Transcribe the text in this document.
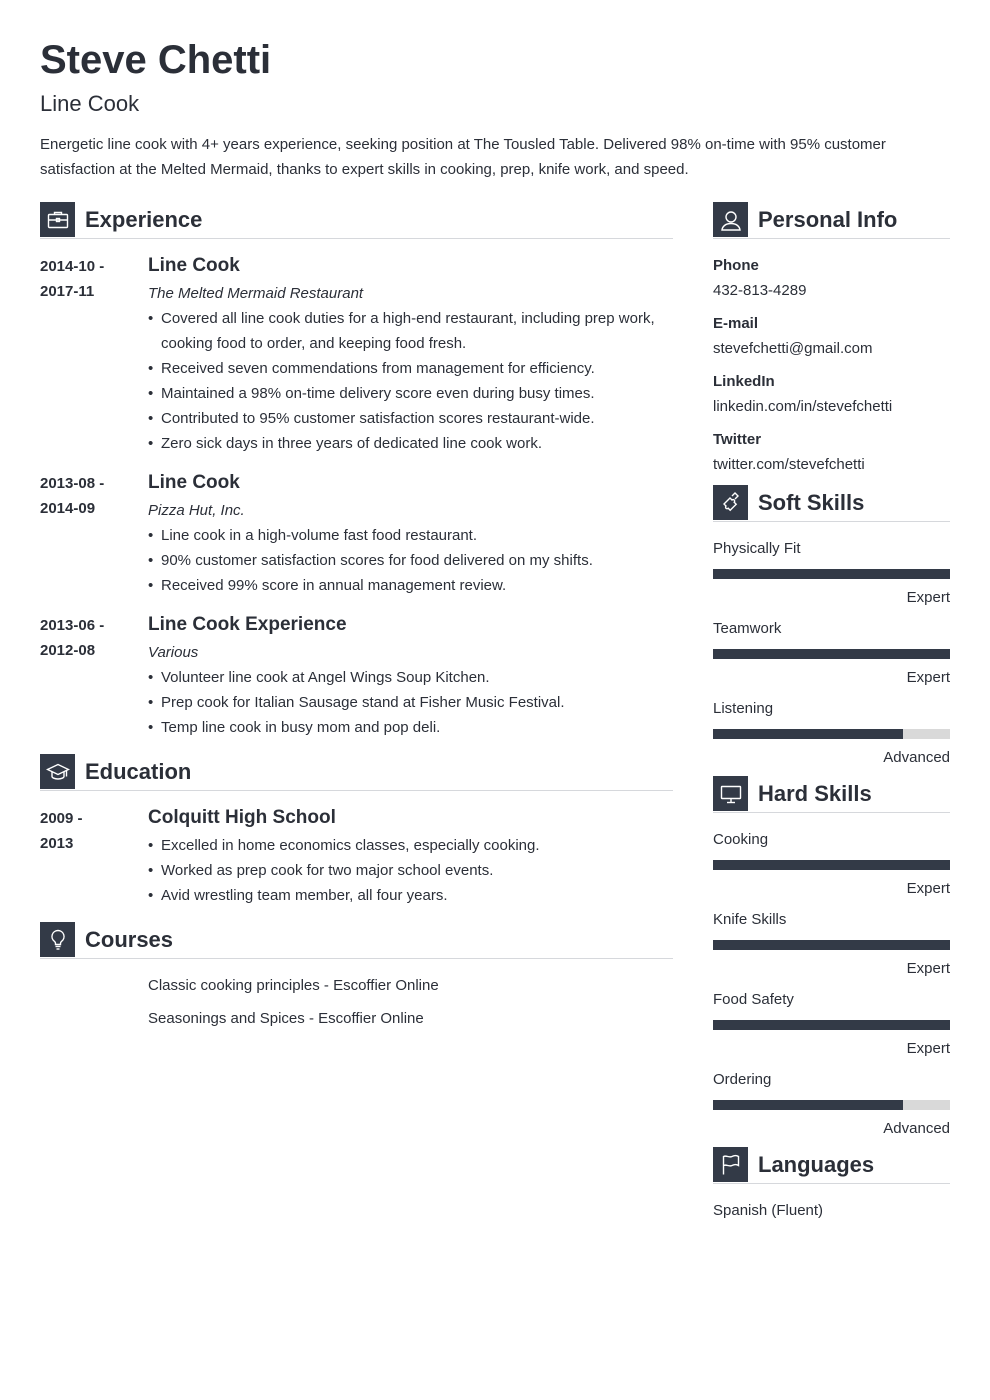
Steve Chetti
Line Cook

Energetic line cook with 4+ years experience, seeking position at The Tousled Table. Delivered 98% on-time with 95% customer satisfaction at the Melted Mermaid, thanks to expert skills in cooking, prep, knife work, and speed.

Experience
2014-10 -
2017-11
Line Cook
The Melted Mermaid Restaurant
• Covered all line cook duties for a high-end restaurant, including prep work, cooking food to order, and keeping food fresh.
• Received seven commendations from management for efficiency.
• Maintained a 98% on-time delivery score even during busy times.
• Contributed to 95% customer satisfaction scores restaurant-wide.
• Zero sick days in three years of dedicated line cook work.
2013-08 -
2014-09
Line Cook
Pizza Hut, Inc.
• Line cook in a high-volume fast food restaurant.
• 90% customer satisfaction scores for food delivered on my shifts.
• Received 99% score in annual management review.
2013-06 -
2012-08
Line Cook Experience
Various
• Volunteer line cook at Angel Wings Soup Kitchen.
• Prep cook for Italian Sausage stand at Fisher Music Festival.
• Temp line cook in busy mom and pop deli.
Education
2009 -
2013
Colquitt High School
• Excelled in home economics classes, especially cooking.
• Worked as prep cook for two major school events.
• Avid wrestling team member, all four years.
Courses
Classic cooking principles - Escoffier Online
Seasonings and Spices - Escoffier Online
Personal Info
Phone
432-813-4289
E-mail
stevefchetti@gmail.com
LinkedIn
linkedin.com/in/stevefchetti
Twitter
twitter.com/stevefchetti
Soft Skills
Physically Fit
Expert
Teamwork
Expert
Listening
Advanced
Hard Skills
Cooking
Expert
Knife Skills
Expert
Food Safety
Expert
Ordering
Advanced
Languages
Spanish (Fluent)
